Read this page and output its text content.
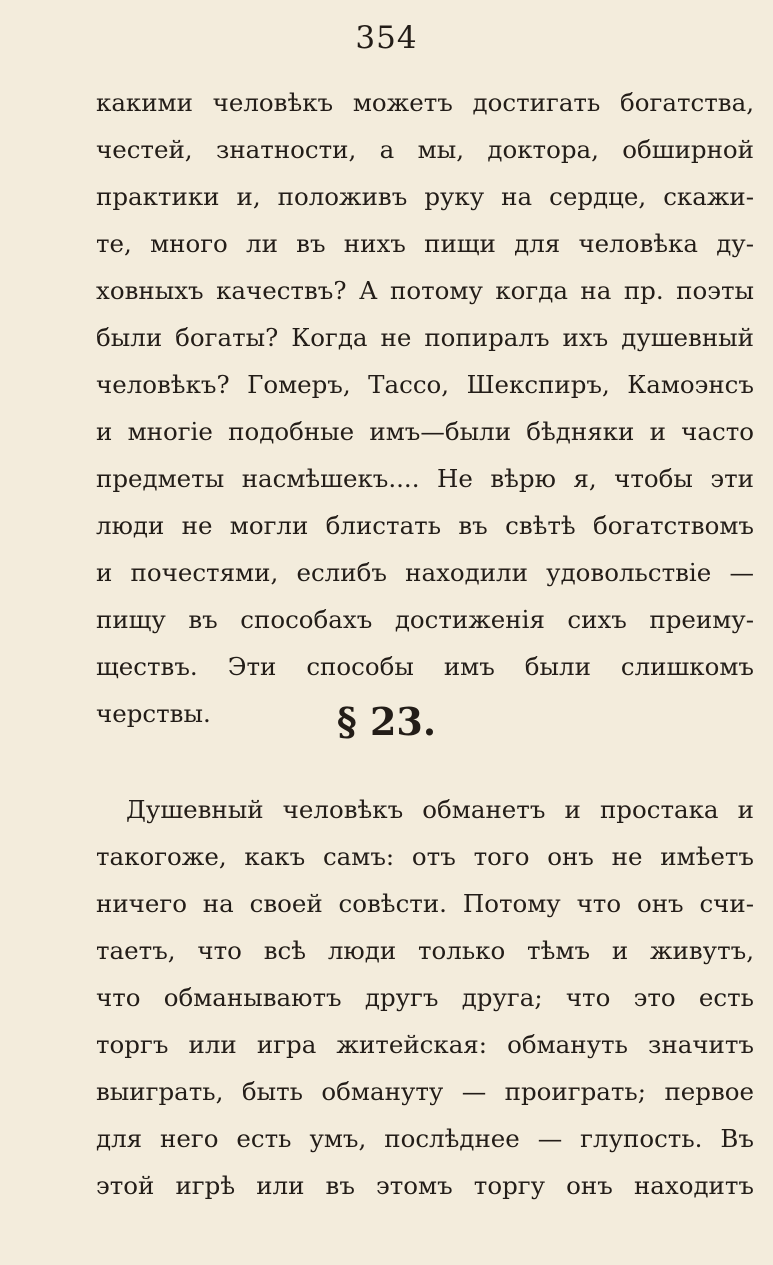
354
какими человѣкъ можетъ достигать богатства,
честей, знатности, а мы, доктора, обширной
практики и, положивъ руку на сердце, скажи-
те, много ли въ нихъ пищи для человѣка ду-
ховныхъ качествъ? А потому когда на пр. поэты
были богаты? Когда не попиралъ ихъ душевный
человѣкъ? Гомеръ, Тассо, Шекспиръ, Камоэнсъ
и многіе подобные имъ—были бѣдняки и часто
предметы насмѣшекъ.... Не вѣрю я, чтобы эти
люди не могли блистать въ свѣтѣ богатствомъ
и почестями, еслибъ находили удовольствіе —
пищу въ способахъ достиженія сихъ преиму-
ществъ. Эти способы имъ были слишкомъ
черствы.	§ 23.
Душевный человѣкъ обманетъ и простака и
такогоже, какъ самъ: отъ того онъ не имѣетъ
ничего на своей совѣсти. Потому что онъ счи-
таетъ, что всѣ люди только тѣмъ и живутъ,
что обманываютъ другъ друга; что это есть
торгъ или игра житейская: обмануть значитъ
выиграть, быть обмануту — проиграть; первое
для него есть умъ, послѣднее — глупость. Въ
этой игрѣ или въ этомъ торгу онъ находитъ
